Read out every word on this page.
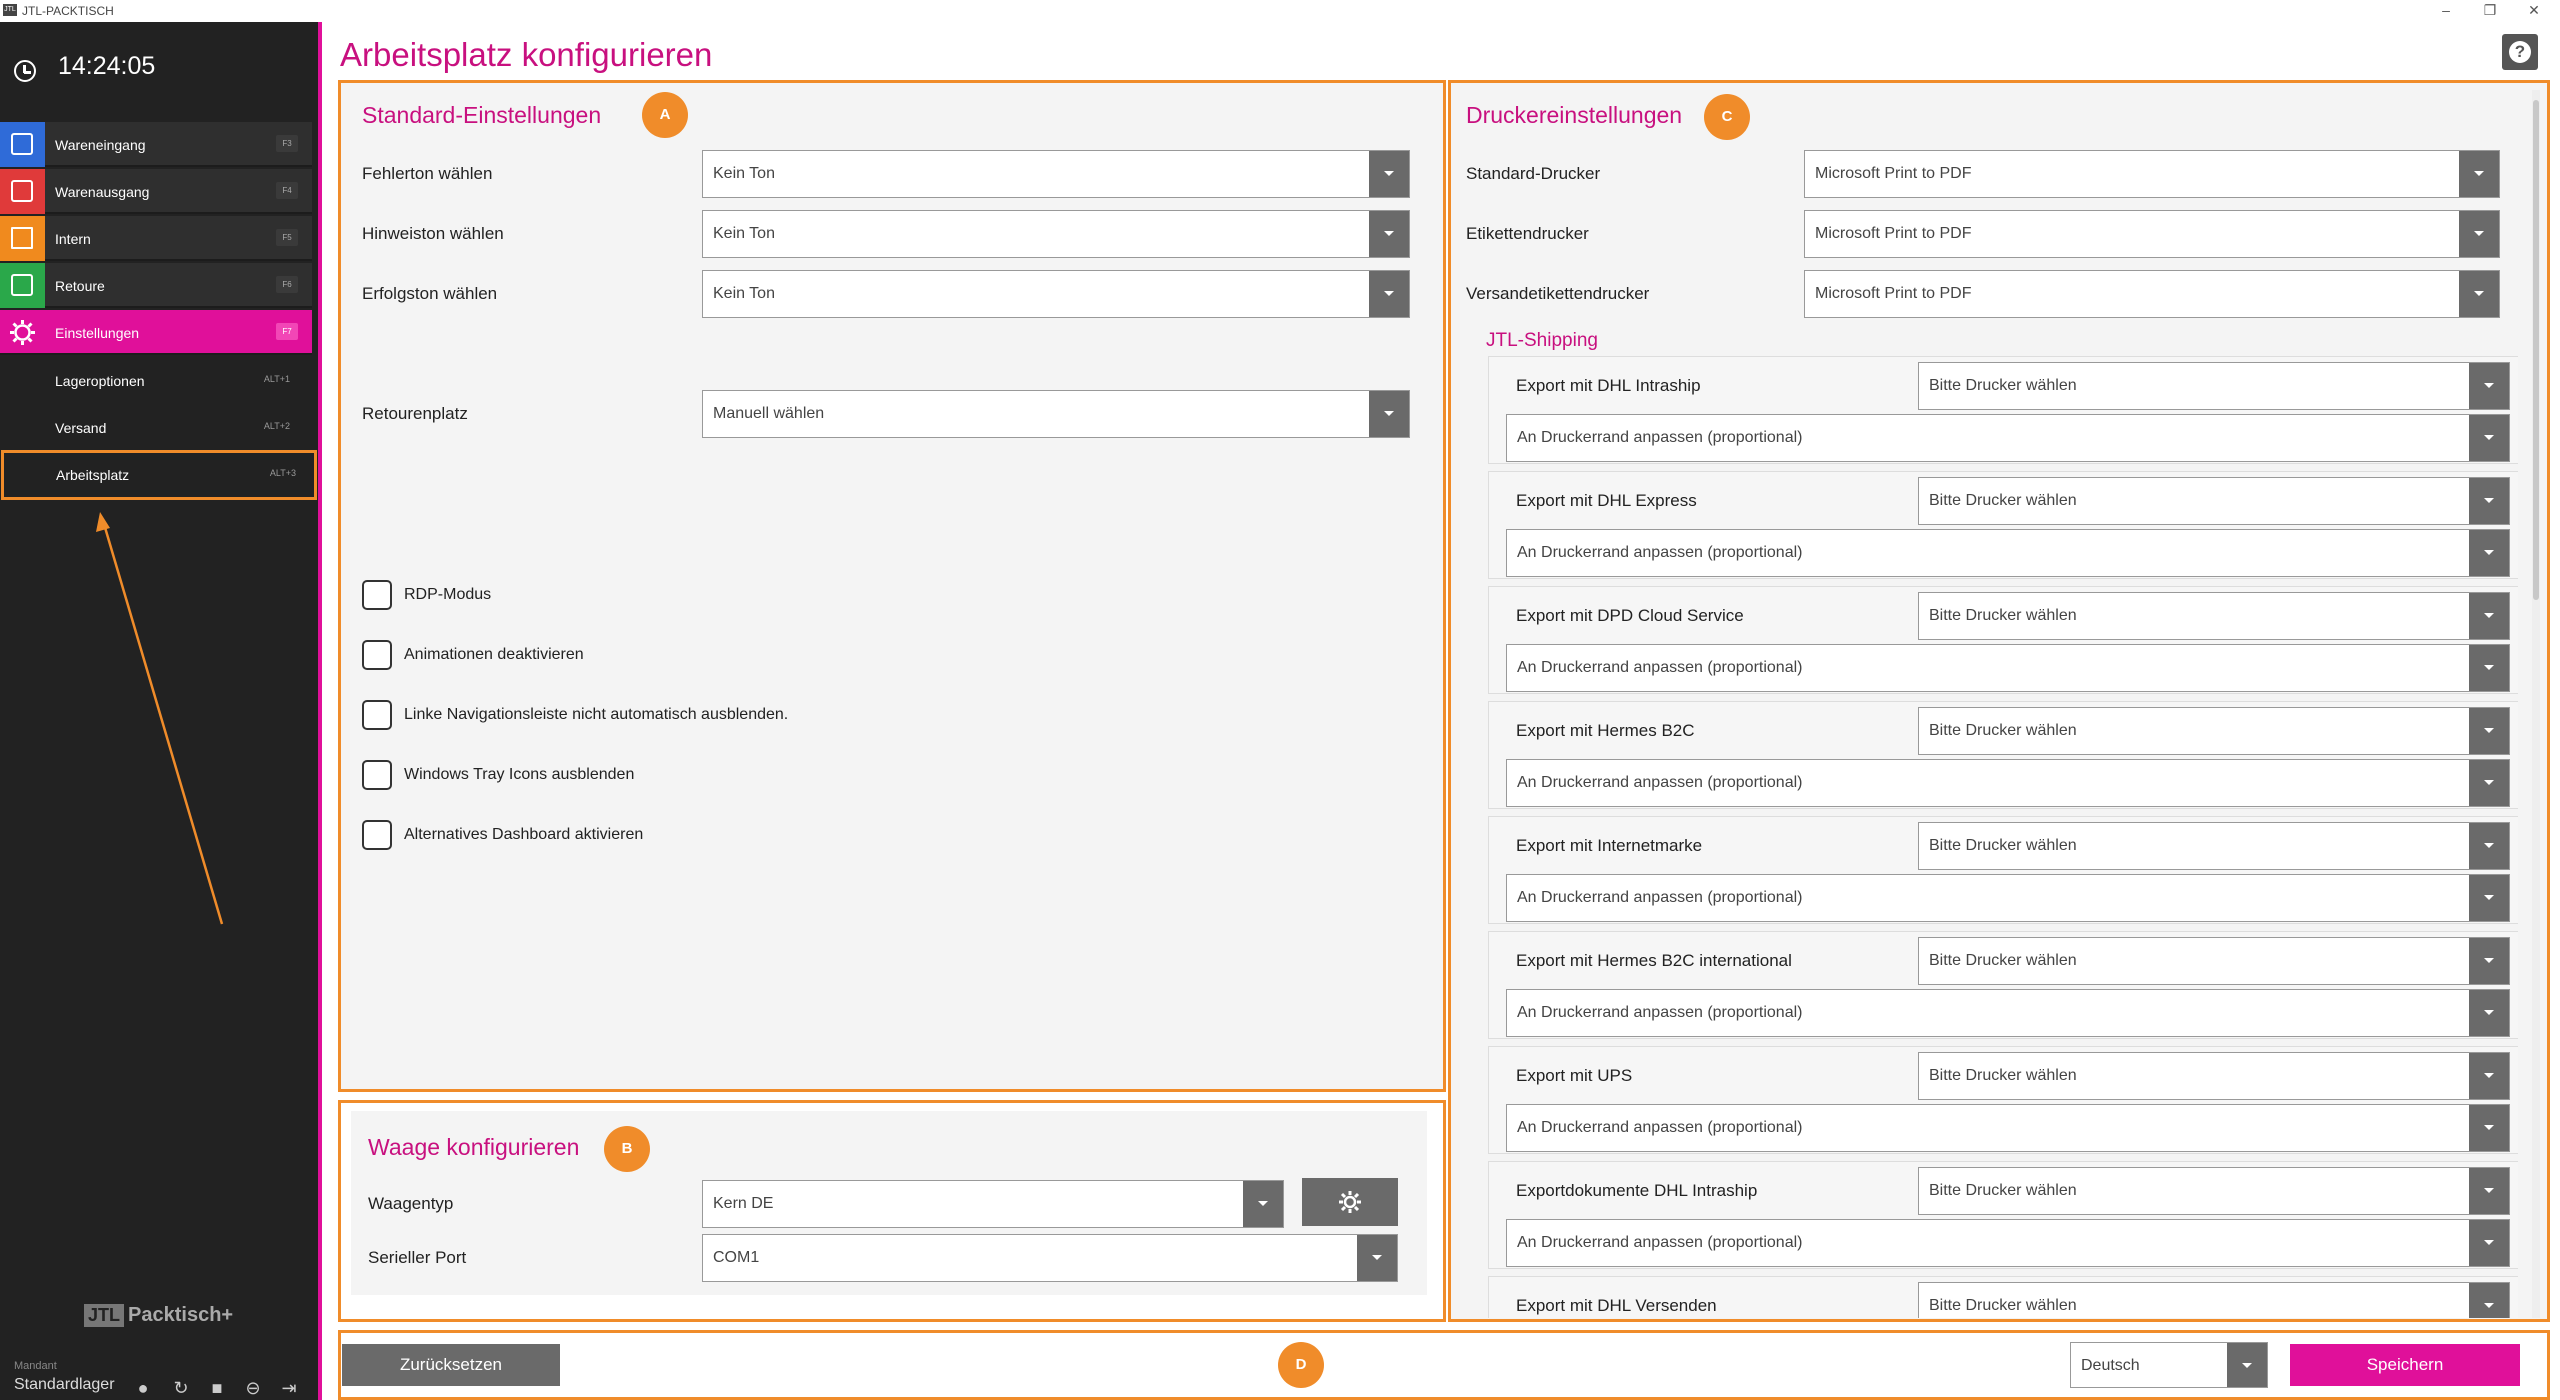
JTL JTL-PACKTISCH	–	❐	✕
14:24:05
Wareneingang	F3
Warenausgang	F4
Intern	F5
Retoure	F6
Einstellungen	F7
Lageroptionen	ALT+1
Versand	ALT+2
Arbeitsplatz	ALT+3
JTL Packtisch+
Mandant
Standardlager	●	↻	■	⊖ ⇥
Arbeitsplatz konfigurieren	?
Standard-Einstellungen	A
Fehlerton wählen	Kein Ton
Hinweiston wählen	Kein Ton
Erfolgston wählen	Kein Ton
Retourenplatz	Manuell wählen
RDP-Modus
Animationen deaktivieren
Linke Navigationsleiste nicht automatisch ausblenden.
Windows Tray Icons ausblenden
Alternatives Dashboard aktivieren
Waage konfigurieren	B
Waagentyp	Kern DE
Serieller Port	COM1
Druckereinstellungen	C
Standard-Drucker	Microsoft Print to PDF
Etikettendrucker	Microsoft Print to PDF
Versandetikettendrucker	Microsoft Print to PDF
JTL-Shipping
Export mit DHL Intraship	Bitte Drucker wählen
An Druckerrand anpassen (proportional)
Export mit DHL Express	Bitte Drucker wählen
An Druckerrand anpassen (proportional)
Export mit DPD Cloud Service	Bitte Drucker wählen
An Druckerrand anpassen (proportional)
Export mit Hermes B2C	Bitte Drucker wählen
An Druckerrand anpassen (proportional)
Export mit Internetmarke	Bitte Drucker wählen
An Druckerrand anpassen (proportional)
Export mit Hermes B2C international	Bitte Drucker wählen
An Druckerrand anpassen (proportional)
Export mit UPS	Bitte Drucker wählen
An Druckerrand anpassen (proportional)
Exportdokumente DHL Intraship	Bitte Drucker wählen
An Druckerrand anpassen (proportional)
Export mit DHL Versenden	Bitte Drucker wählen
Zurücksetzen	D	Deutsch	Speichern
